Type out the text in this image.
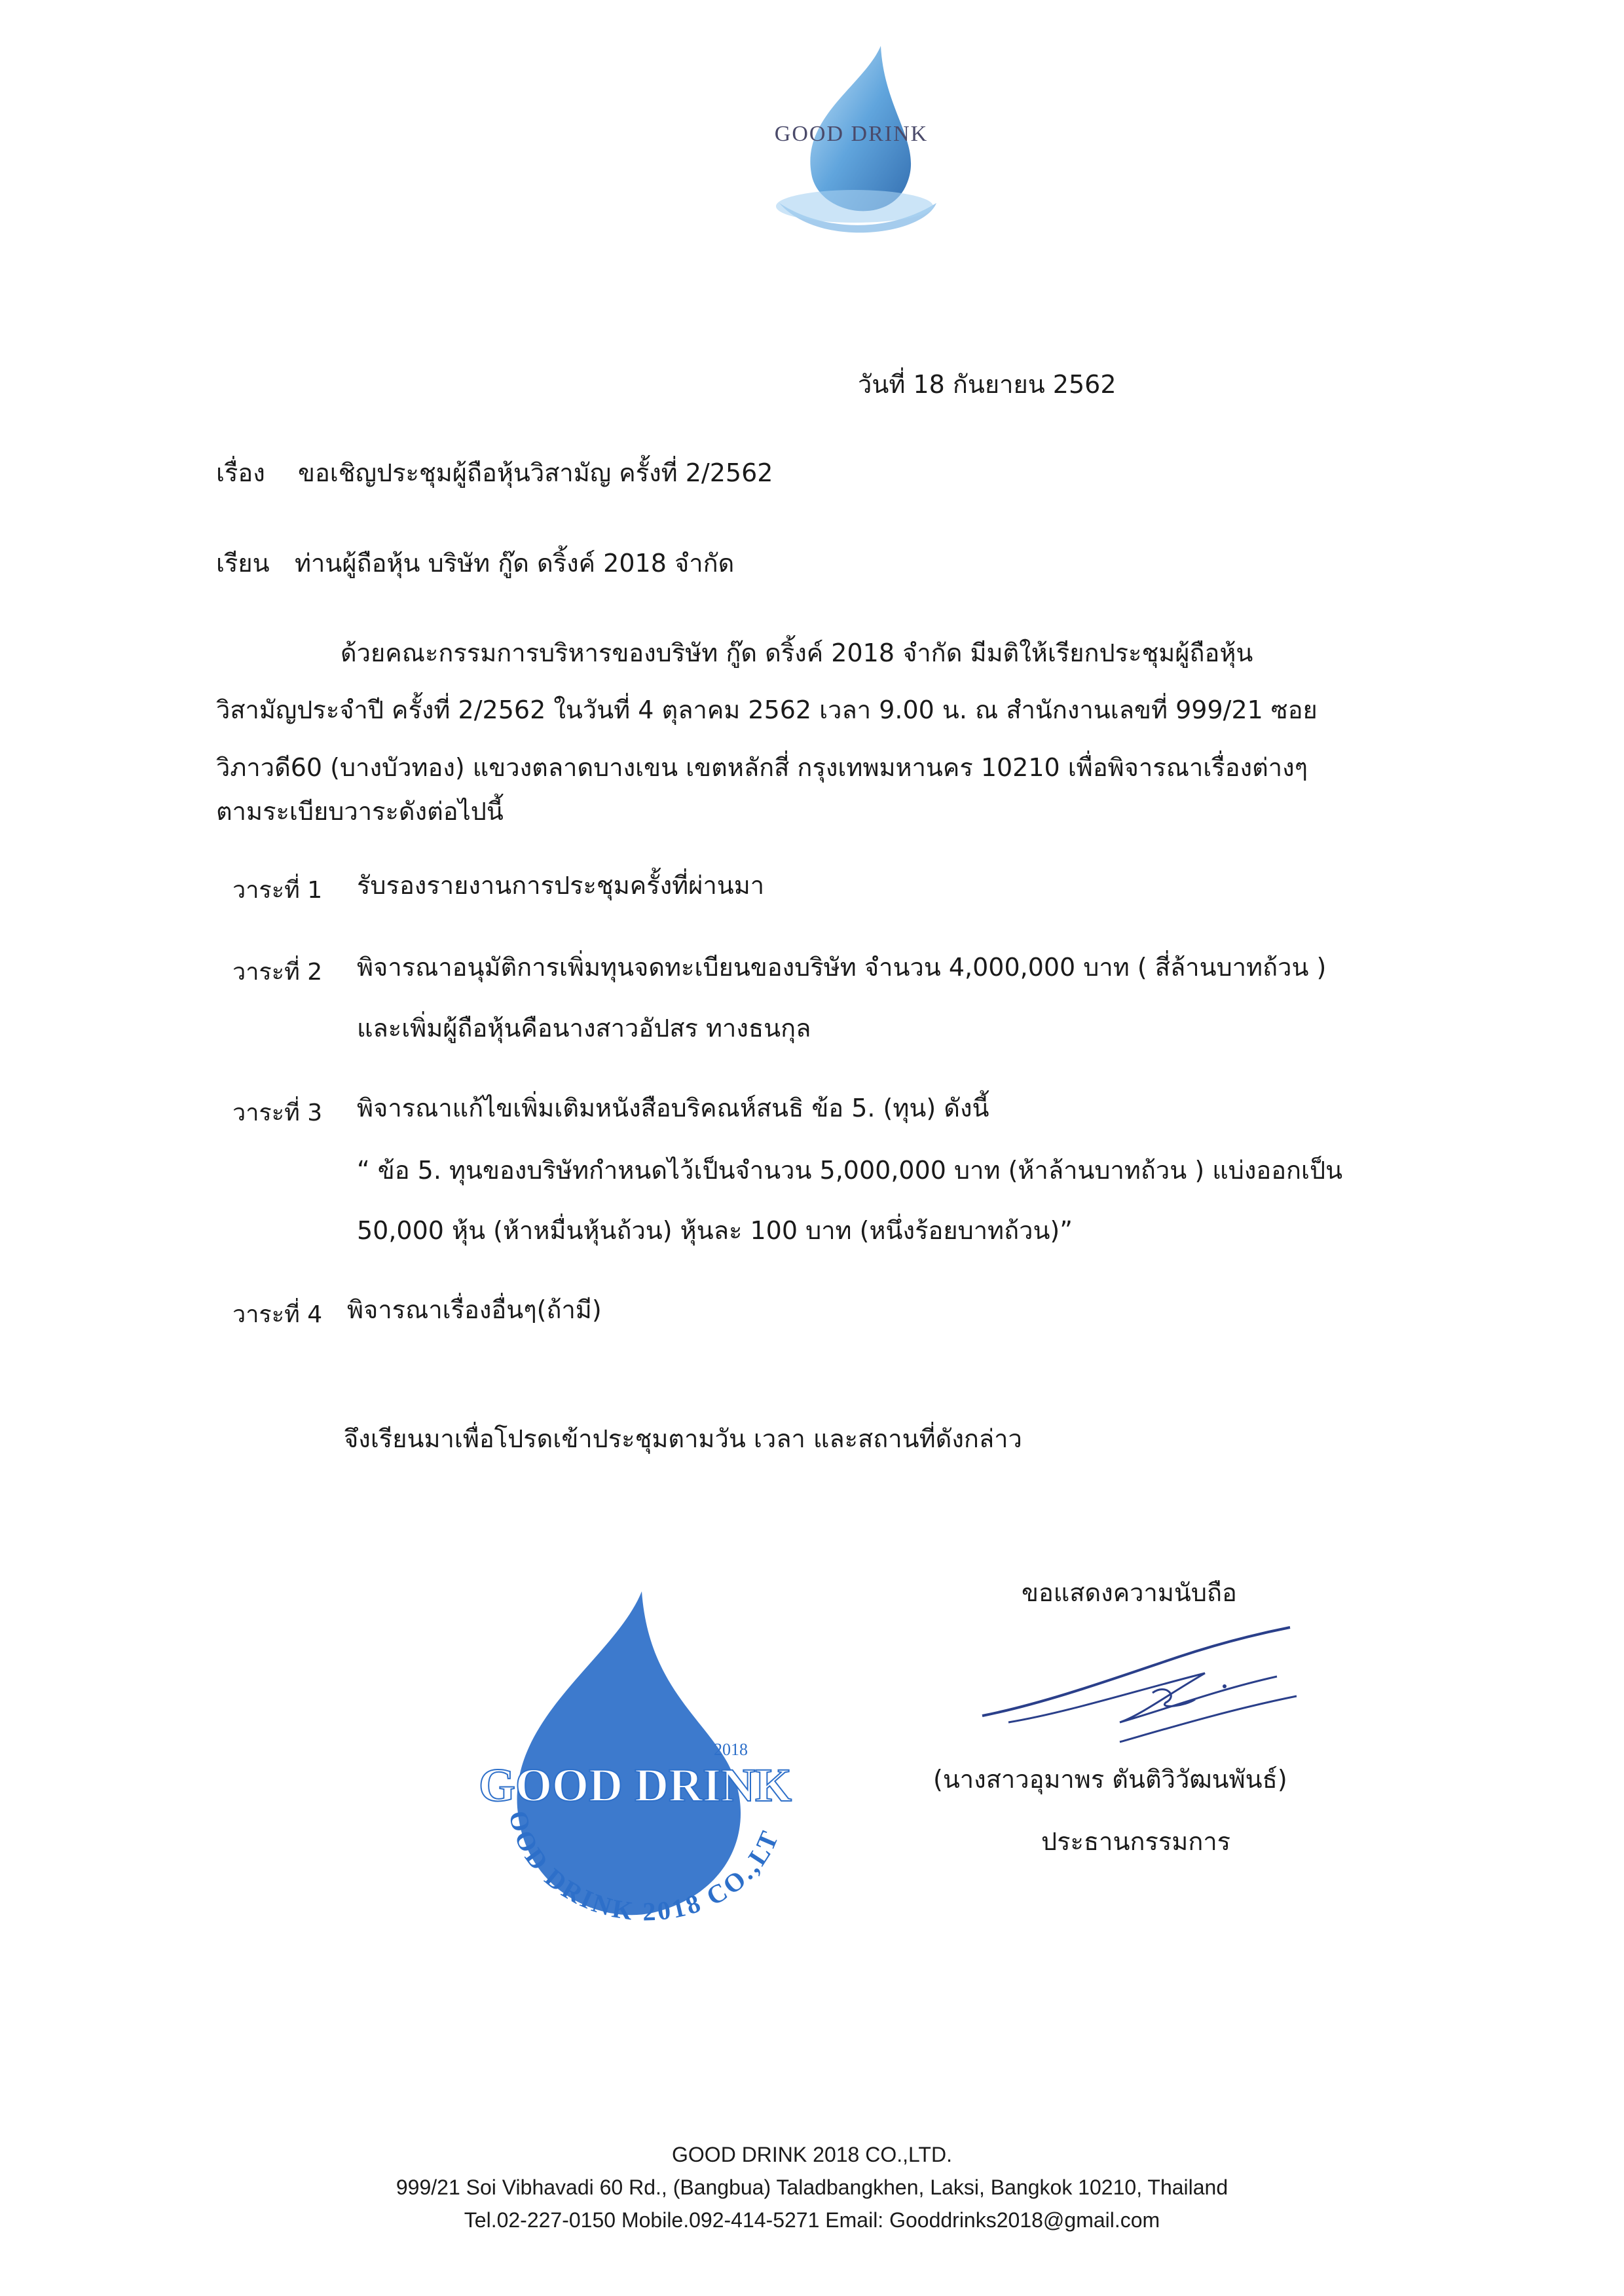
GOOD DRINK
วันที่ 18 กันยายน 2562
เรื่อง ขอเชิญประชุมผู้ถือหุ้นวิสามัญ ครั้งที่ 2/2562
เรียน ท่านผู้ถือหุ้น บริษัท กู๊ด ดริ้งค์ 2018 จำกัด
ด้วยคณะกรรมการบริหารของบริษัท กู๊ด ดริ้งค์ 2018 จำกัด มีมติให้เรียกประชุมผู้ถือหุ้น
วิสามัญประจำปี ครั้งที่ 2/2562 ในวันที่ 4 ตุลาคม 2562 เวลา 9.00 น. ณ สำนักงานเลขที่ 999/21 ซอย
วิภาวดี60 (บางบัวทอง) แขวงตลาดบางเขน เขตหลักสี่ กรุงเทพมหานคร 10210 เพื่อพิจารณาเรื่องต่างๆ
ตามระเบียบวาระดังต่อไปนี้
วาระที่ 1 รับรองรายงานการประชุมครั้งที่ผ่านมา
วาระที่ 2 พิจารณาอนุมัติการเพิ่มทุนจดทะเบียนของบริษัท จำนวน 4,000,000 บาท ( สี่ล้านบาทถ้วน )
และเพิ่มผู้ถือหุ้นคือนางสาวอัปสร ทางธนกุล
วาระที่ 3 พิจารณาแก้ไขเพิ่มเติมหนังสือบริคณห์สนธิ ข้อ 5. (ทุน) ดังนี้
“ ข้อ 5. ทุนของบริษัทกำหนดไว้เป็นจำนวน 5,000,000 บาท (ห้าล้านบาทถ้วน ) แบ่งออกเป็น
50,000 หุ้น (ห้าหมื่นหุ้นถ้วน) หุ้นละ 100 บาท (หนึ่งร้อยบาทถ้วน)”
วาระที่ 4 พิจารณาเรื่องอื่นๆ(ถ้ามี)
จึงเรียนมาเพื่อโปรดเข้าประชุมตามวัน เวลา และสถานที่ดังกล่าว
ขอแสดงความนับถือ
(นางสาวอุมาพร ตันติวิวัฒนพันธ์)
ประธานกรรมการ
2018
GOOD DRINK
OOD DRINK 2018 CO.,LT
GOOD DRINK 2018 CO.,LTD.
999/21 Soi Vibhavadi 60 Rd., (Bangbua) Taladbangkhen, Laksi, Bangkok 10210, Thailand
Tel.02-227-0150 Mobile.092-414-5271 Email: Gooddrinks2018@gmail.com
